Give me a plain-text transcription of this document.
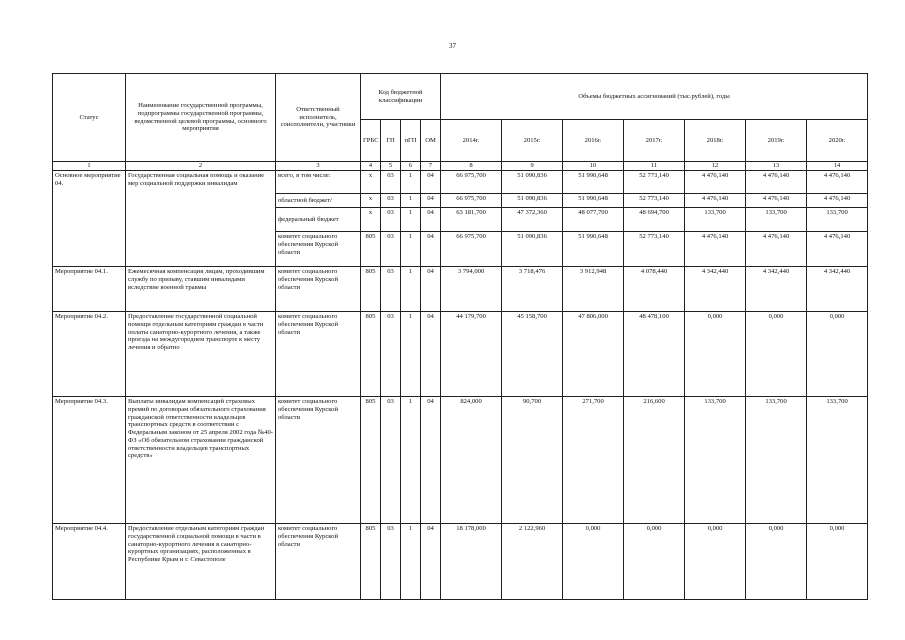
37
Статус	Наименование государственной программы, подпрограммы государственной программы, ведомственной целевой программы, основного мероприятия	Ответственный исполнитель, соисполнители, участники	Код бюджетной классификации				Объемы бюджетных ассигнований (тыс.рублей), годы						
			ГРБС	ГП	пГП	ОМ	2014г.	2015г.	2016г.	2017г.	2018г.	2019г.	2020г.
1	2	3	4	5	6	7	8	9	10	11	12	13	14
Основное мероприятие 04.	Государственная социальная помощь и оказание мер социальной поддержки инвалидам	всего, в том числе:	х	03	1	04	66 975,700	51 090,836	51 990,648	52 773,140	4 476,140	4 476,140	4 476,140
		областной бюджет/	х	03	1	04	66 975,700	51 090,836	51 990,648	52 773,140	4 476,140	4 476,140	4 476,140
		федеральный бюджет	х	03	1	04	63 181,700	47 372,360	48 077,700	48 694,700	133,700	133,700	133,700
		комитет социального обеспечения Курской области	805	03	1	04	66 975,700	51 090,836	51 990,648	52 773,140	4 476,140	4 476,140	4 476,140
Мероприятие 04.1.	Ежемесячная компенсация лицам, проходившим службу по призыву, ставшим инвалидами вследствие военной травмы	комитет социального обеспечения Курской области	805	03	1	04	3 794,000	3 718,476	3 912,948	4 078,440	4 342,440	4 342,440	4 342,440
Мероприятие 04.2.	Предоставление государственной социальной помощи отдельным категориям граждан в части оплаты санаторно-курортного лечения, а также проезда на междугороднем транспорте к месту лечения и обратно	комитет социального обеспечения Курской области	805	03	1	04	44 179,700	45 158,700	47 806,000	48 478,100	0,000	0,000	0,000
Мероприятие 04.3.	Выплаты инвалидам компенсаций страховых премий по договорам обязательного страхования гражданской ответственности владельцев транспортных средств в соответствии с Федеральным законом от 25 апреля 2002 года №40-ФЗ «Об обязательном страховании гражданской ответственности владельцев транспортных средств»	комитет социального обеспечения Курской области	805	03	1	04	824,000	90,700	271,700	216,600	133,700	133,700	133,700
Мероприятие 04.4.	Предоставление отдельным категориям граждан государственной социальной помощи в части в санаторно-курортного лечения в санаторно-курортных организациях, расположенных в Республике Крым и г. Севастополе	комитет социального обеспечения Курской области	805	03	1	04	18 178,000	2 122,960	0,000	0,000	0,000	0,000	0,000
